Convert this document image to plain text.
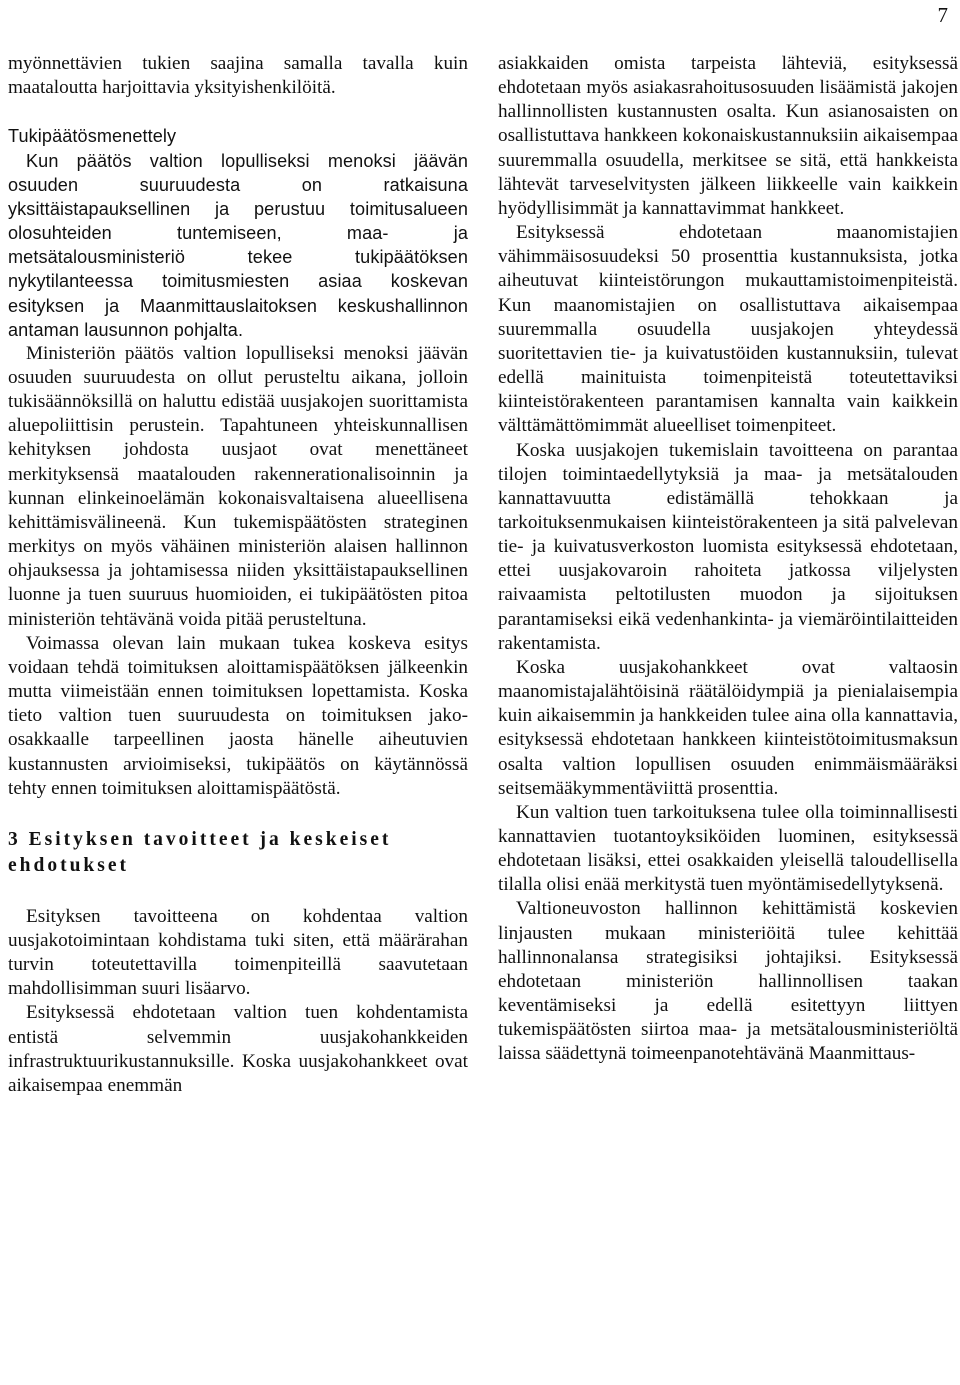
7

myönnettävien tukien saajina samalla tavalla kuin maataloutta harjoittavia yksityishenkilöitä.

Tukipäätösmenettely

Kun päätös valtion lopulliseksi menoksi jäävän osuuden suuruudesta on ratkaisuna yksittäistapauksellinen ja perustuu toimitusalueen olosuhteiden tuntemiseen, maa- ja metsätalousministeriö tekee tukipäätöksen nykytilanteessa toimitusmiesten asiaa koskevan esityksen ja Maanmittauslaitoksen keskushallinnon antaman lausunnon pohjalta.

Ministeriön päätös valtion lopulliseksi menoksi jäävän osuuden suuruudesta on ollut perusteltu aikana, jolloin tukisäännöksillä on haluttu edistää uusjakojen suorittamista aluepoliittisin perustein. Tapahtuneen yhteiskunnallisen kehityksen johdosta uusjaot ovat menettäneet merkityksensä maatalouden rakennerationalisoinnin ja kunnan elinkeinoelämän kokonaisvaltaisena alueellisena kehittämisvälineenä. Kun tukemispäätösten strateginen merkitys on myös vähäinen ministeriön alaisen hallinnon ohjauksessa ja johtamisessa niiden yksittäistapauksellinen luonne ja tuen suuruus huomioiden, ei tukipäätösten pitoa ministeriön tehtävänä voida pitää perusteltuna.

Voimassa olevan lain mukaan tukea koskeva esitys voidaan tehdä toimituksen aloittamispäätöksen jälkeenkin mutta viimeistään ennen toimituksen lopettamista. Koska tieto valtion tuen suuruudesta on toimituksen jako-osakkaalle tarpeellinen jaosta hänelle aiheutuvien kustannusten arvioimiseksi, tukipäätös on käytännössä tehty ennen toimituksen aloittamispäätöstä.

3 Esityksen tavoitteet ja keskeiset ehdotukset

Esityksen tavoitteena on kohdentaa valtion uusjakotoimintaan kohdistama tuki siten, että määrärahan turvin toteutettavilla toimenpiteillä saavutetaan mahdollisimman suuri lisäarvo.

Esityksessä ehdotetaan valtion tuen kohdentamista entistä selvemmin uusjakohankkeiden infrastruktuurikustannuksille. Koska uusjakohankkeet ovat aikaisempaa enemmän

asiakkaiden omista tarpeista lähteviä, esityksessä ehdotetaan myös asiakasrahoitusosuuden lisäämistä jakojen hallinnollisten kustannusten osalta. Kun asianosaisten on osallistuttava hankkeen kokonaiskustannuksiin aikaisempaa suuremmalla osuudella, merkitsee se sitä, että hankkeista lähtevät tarveselvitysten jälkeen liikkeelle vain kaikkein hyödyllisimmät ja kannattavimmat hankkeet.

Esityksessä ehdotetaan maanomistajien vähimmäisosuudeksi 50 prosenttia kustannuksista, jotka aiheutuvat kiinteistörungon mukauttamistoimenpiteistä. Kun maanomistajien on osallistuttava aikaisempaa suuremmalla osuudella uusjakojen yhteydessä suoritettavien tie- ja kuivatustöiden kustannuksiin, tulevat edellä mainituista toimenpiteistä toteutettaviksi kiinteistörakenteen parantamisen kannalta vain kaikkein välttämättömimmät alueelliset toimenpiteet.

Koska uusjakojen tukemislain tavoitteena on parantaa tilojen toimintaedellytyksiä ja maa- ja metsätalouden kannattavuutta edistämällä tehokkaan ja tarkoituksenmukaisen kiinteistörakenteen ja sitä palvelevan tie- ja kuivatusverkoston luomista esityksessä ehdotetaan, ettei uusjakovaroin rahoiteta jatkossa viljelysten raivaamista peltotilusten muodon ja sijoituksen parantamiseksi eikä vedenhankinta- ja viemäröintilaitteiden rakentamista.

Koska uusjakohankkeet ovat valtaosin maanomistajalähtöisinä räätälöidympiä ja pienialaisempia kuin aikaisemmin ja hankkeiden tulee aina olla kannattavia, esityksessä ehdotetaan hankkeen kiinteistötoimitusmaksun osalta valtion lopullisen osuuden enimmäismääräksi seitsemääkymmentäviittä prosenttia.

Kun valtion tuen tarkoituksena tulee olla toiminnallisesti kannattavien tuotantoyksiköiden luominen, esityksessä ehdotetaan lisäksi, ettei osakkaiden yleisellä taloudellisella tilalla olisi enää merkitystä tuen myöntämisedellytyksenä.

Valtioneuvoston hallinnon kehittämistä koskevien linjausten mukaan ministeriöitä tulee kehittää hallinnonalansa strategisiksi johtajiksi. Esityksessä ehdotetaan ministeriön hallinnollisen taakan keventämiseksi ja edellä esitettyyn liittyen tukemispäätösten siirtoa maa- ja metsätalousministeriöltä laissa säädettynä toimeenpanotehtävänä Maanmittaus-
